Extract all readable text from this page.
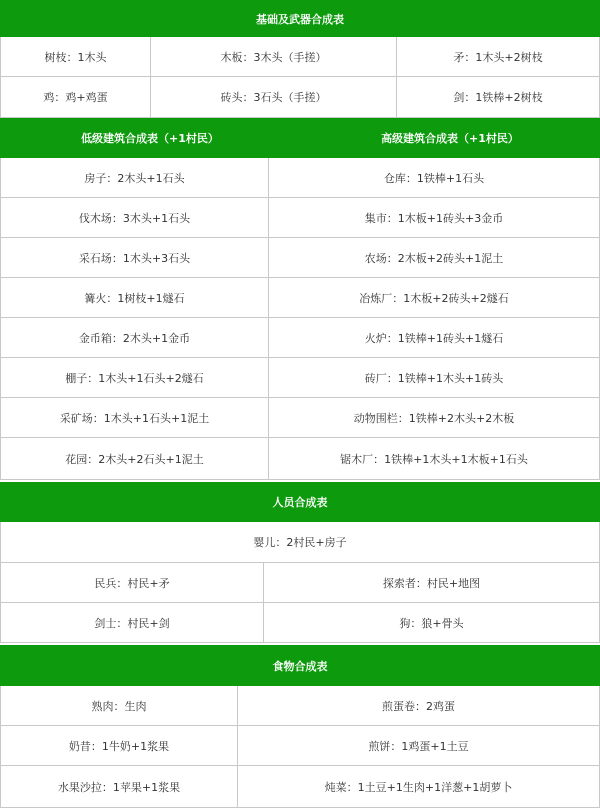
基础及武器合成表
树枝：1木头	木板：3木头（手搓）	矛：1木头+2树枝
鸡：鸡+鸡蛋	砖头：3石头（手搓）	剑：1铁棒+2树枝
低级建筑合成表（+1村民）	高级建筑合成表（+1村民）
房子：2木头+1石头	仓库：1铁棒+1石头
伐木场：3木头+1石头	集市：1木板+1砖头+3金币
采石场：1木头+3石头	农场：2木板+2砖头+1泥土
篝火：1树枝+1燧石	冶炼厂：1木板+2砖头+2燧石
金币箱：2木头+1金币	火炉：1铁棒+1砖头+1燧石
棚子：1木头+1石头+2燧石	砖厂：1铁棒+1木头+1砖头
采矿场：1木头+1石头+1泥土	动物围栏：1铁棒+2木头+2木板
花园：2木头+2石头+1泥土	锯木厂：1铁棒+1木头+1木板+1石头
人员合成表
婴儿：2村民+房子
民兵：村民+矛	探索者：村民+地图
剑士：村民+剑	狗：狼+骨头
食物合成表
熟肉：生肉	煎蛋卷：2鸡蛋
奶昔：1牛奶+1浆果	煎饼：1鸡蛋+1土豆
水果沙拉：1苹果+1浆果	炖菜：1土豆+1生肉+1洋葱+1胡萝卜
